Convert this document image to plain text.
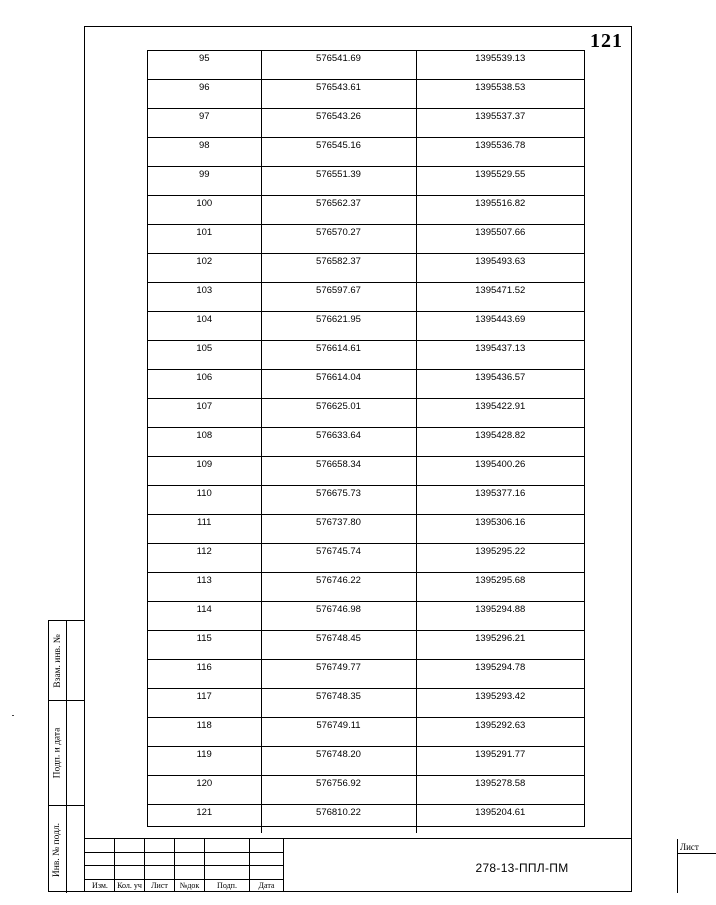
121
95	576541.69	1395539.13
96	576543.61	1395538.53
97	576543.26	1395537.37
98	576545.16	1395536.78
99	576551.39	1395529.55
100	576562.37	1395516.82
101	576570.27	1395507.66
102	576582.37	1395493.63
103	576597.67	1395471.52
104	576621.95	1395443.69
105	576614.61	1395437.13
106	576614.04	1395436.57
107	576625.01	1395422.91
108	576633.64	1395428.82
109	576658.34	1395400.26
110	576675.73	1395377.16
111	576737.80	1395306.16
112	576745.74	1395295.22
113	576746.22	1395295.68
114	576746.98	1395294.88
115	576748.45	1395296.21
116	576749.77	1395294.78
117	576748.35	1395293.42
118	576749.11	1395292.63
119	576748.20	1395291.77
120	576756.92	1395278.58
121	576810.22	1395204.61
Взам. инв. №
Подп. и дата
Инв. № подл.
Изм.	Кол. уч	Лист	№док	Подп.	Дата
278-13-ППЛ-ПМ
Лист
